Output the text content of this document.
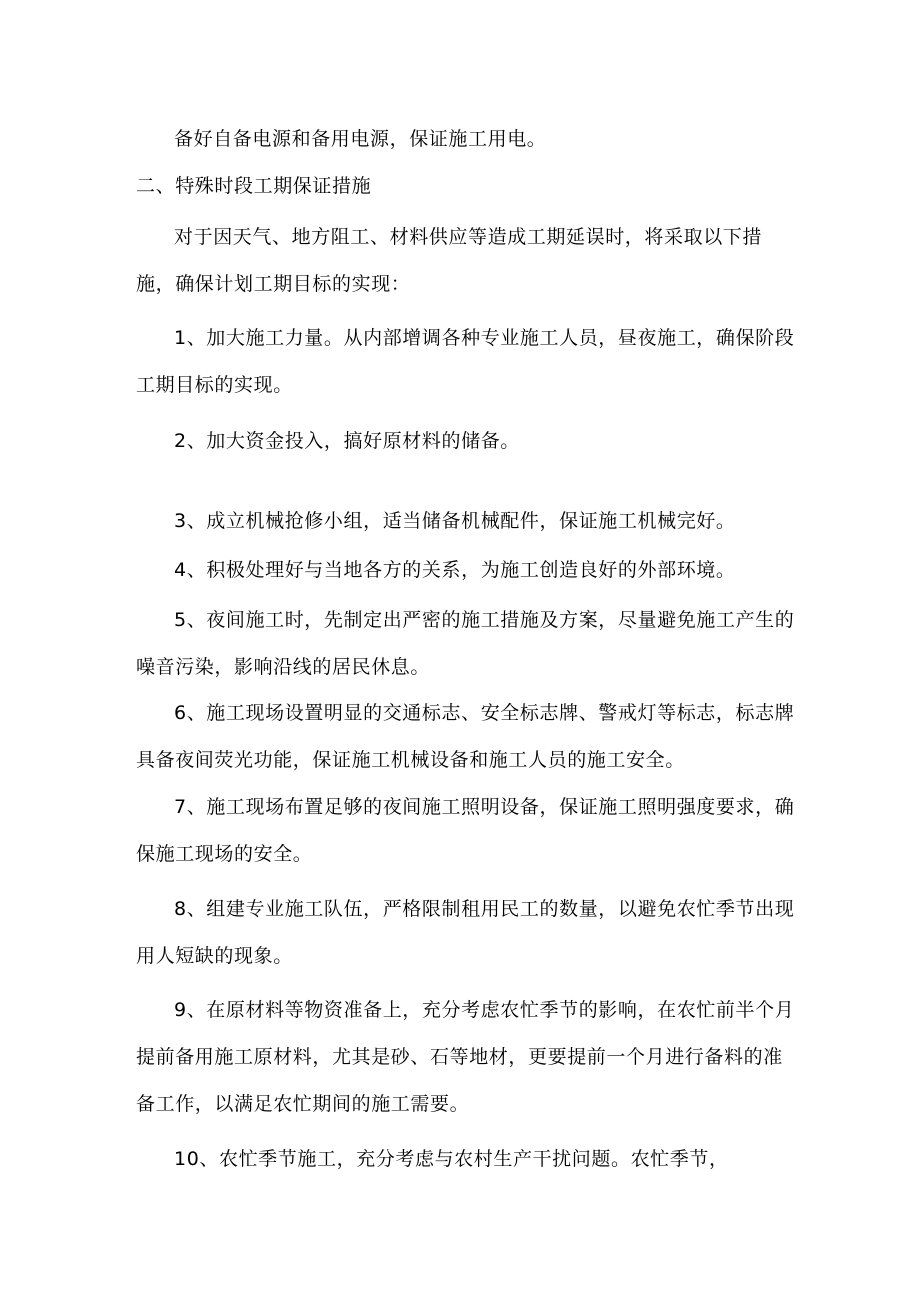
备好自备电源和备用电源，保证施工用电。

二、特殊时段工期保证措施

对于因天气、地方阻工、材料供应等造成工期延误时，将采取以下措施，确保计划工期目标的实现：

1、加大施工力量。从内部增调各种专业施工人员，昼夜施工，确保阶段工期目标的实现。

2、加大资金投入，搞好原材料的储备。

3、成立机械抢修小组，适当储备机械配件，保证施工机械完好。

4、积极处理好与当地各方的关系，为施工创造良好的外部环境。

5、夜间施工时，先制定出严密的施工措施及方案，尽量避免施工产生的噪音污染，影响沿线的居民休息。

6、施工现场设置明显的交通标志、安全标志牌、警戒灯等标志，标志牌具备夜间荧光功能，保证施工机械设备和施工人员的施工安全。

7、施工现场布置足够的夜间施工照明设备，保证施工照明强度要求，确保施工现场的安全。

8、组建专业施工队伍，严格限制租用民工的数量，以避免农忙季节出现用人短缺的现象。

9、在原材料等物资准备上，充分考虑农忙季节的影响，在农忙前半个月提前备用施工原材料，尤其是砂、石等地材，更要提前一个月进行备料的准备工作，以满足农忙期间的施工需要。

10、农忙季节施工，充分考虑与农村生产干扰问题。农忙季节，
